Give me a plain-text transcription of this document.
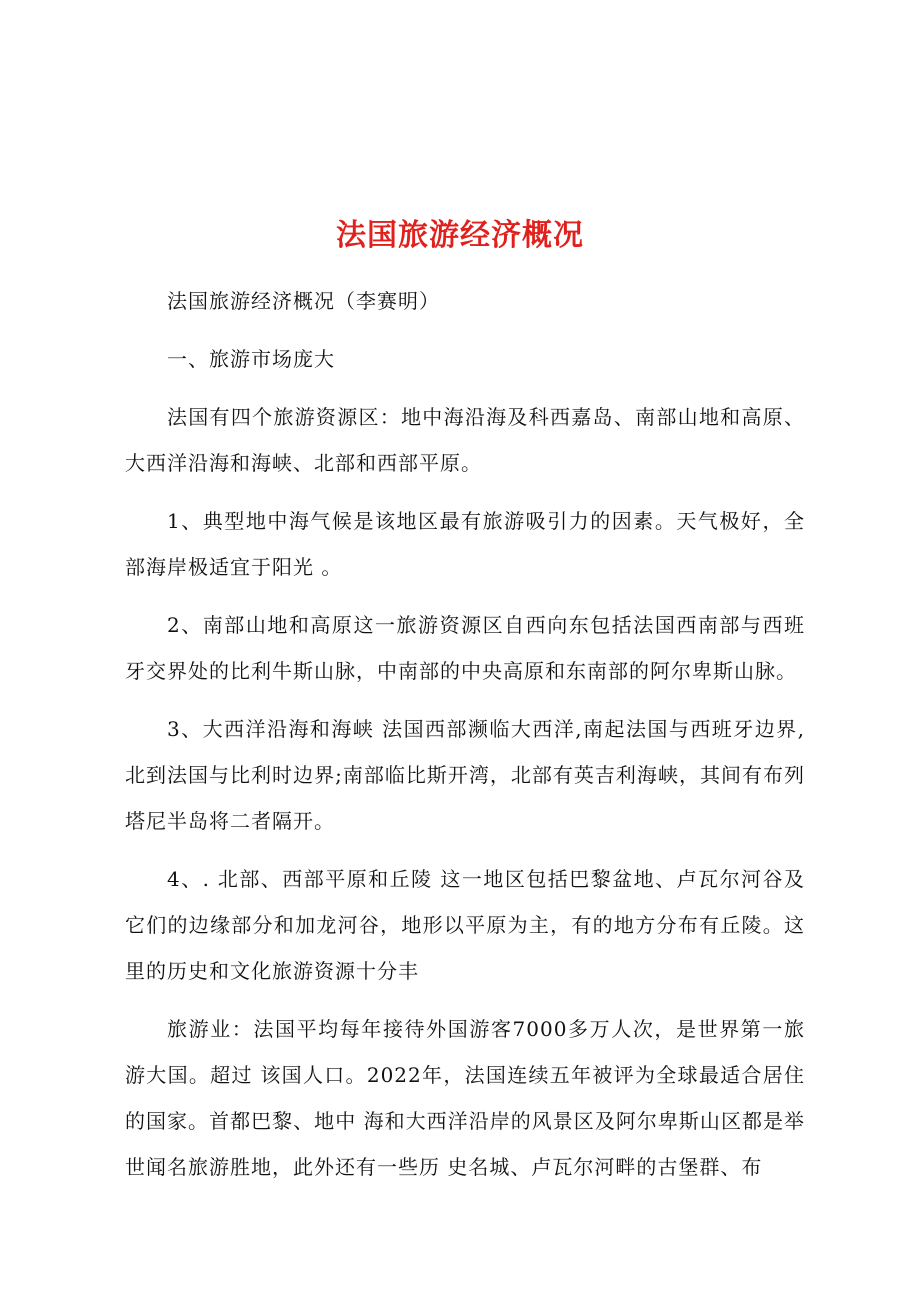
法国旅游经济概况

法国旅游经济概况（李赛明）

一、旅游市场庞大

法国有四个旅游资源区：地中海沿海及科西嘉岛、南部山地和高原、大西洋沿海和海峡、北部和西部平原。

1、典型地中海气候是该地区最有旅游吸引力的因素。天气极好，全部海岸极适宜于阳光 。

2、南部山地和高原这一旅游资源区自西向东包括法国西南部与西班牙交界处的比利牛斯山脉，中南部的中央高原和东南部的阿尔卑斯山脉。

3、大西洋沿海和海峡 法国西部濒临大西洋,南起法国与西班牙边界,北到法国与比利时边界;南部临比斯开湾，北部有英吉利海峡，其间有布列塔尼半岛将二者隔开。

4、. 北部、西部平原和丘陵 这一地区包括巴黎盆地、卢瓦尔河谷及它们的边缘部分和加龙河谷，地形以平原为主，有的地方分布有丘陵。这里的历史和文化旅游资源十分丰

旅游业：法国平均每年接待外国游客7000多万人次，是世界第一旅游大国。超过 该国人口。2022年，法国连续五年被评为全球最适合居住的国家。首都巴黎、地中 海和大西洋沿岸的风景区及阿尔卑斯山区都是举世闻名旅游胜地，此外还有一些历 史名城、卢瓦尔河畔的古堡群、布
